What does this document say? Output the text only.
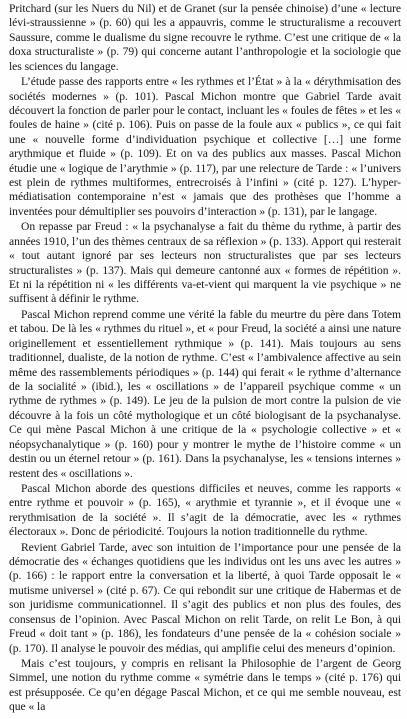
Pritchard (sur les Nuers du Nil) et de Granet (sur la pensée chinoise) d’une « lecture lévi-straussienne » (p. 60) qui les a appauvris, comme le structuralisme a recouvert Saussure, comme le dualisme du signe recouvre le rythme. C’est une critique de « la doxa structuraliste » (p. 79) qui concerne autant l’anthropologie et la sociologie que les sciences du langage.

L’étude passe des rapports entre « les rythmes et l’État » à la « dérythmisation des sociétés modernes » (p. 101). Pascal Michon montre que Gabriel Tarde avait découvert la fonction de parler pour le contact, incluant les « foules de fêtes » et les « foules de haine » (cité p. 106). Puis on passe de la foule aux « publics », ce qui fait une « nouvelle forme d’individuation psychique et collective […] une forme arythmique et fluide » (p. 109). Et on va des publics aux masses. Pascal Michon étudie une « logique de l’arythmie » (p. 117), par une relecture de Tarde : « l’univers est plein de rythmes multiformes, entrecroisés à l’infini » (cité p. 127). L’hyper-médiatisation contemporaine n’est « jamais que des prothèses que l’homme a inventées pour démultiplier ses pouvoirs d’interaction » (p. 131), par le langage.

On repasse par Freud : « la psychanalyse a fait du thème du rythme, à partir des années 1910, l’un des thèmes centraux de sa réflexion » (p. 133). Apport qui resterait « tout autant ignoré par ses lecteurs non structuralistes que par ses lecteurs structuralistes » (p. 137). Mais qui demeure cantonné aux « formes de répétition ». Et ni la répétition ni « les différents va-et-vient qui marquent la vie psychique » ne suffisent à définir le rythme.

Pascal Michon reprend comme une vérité la fable du meurtre du père dans Totem et tabou. De là les « rythmes du rituel », et « pour Freud, la société a ainsi une nature originellement et essentiellement rythmique » (p. 141). Mais toujours au sens traditionnel, dualiste, de la notion de rythme. C’est « l’ambivalence affective au sein même des rassemblements périodiques » (p. 144) qui ferait « le rythme d’alternance de la socialité » (ibid.), les « oscillations » de l’appareil psychique comme « un rythme de rythmes » (p. 149). Le jeu de la pulsion de mort contre la pulsion de vie découvre à la fois un côté mythologique et un côté biologisant de la psychanalyse. Ce qui mène Pascal Michon à une critique de la « psychologie collective » et « néopsychanalytique » (p. 160) pour y montrer le mythe de l’histoire comme « un destin ou un éternel retour » (p. 161). Dans la psychanalyse, les « tensions internes » restent des « oscillations ».

Pascal Michon aborde des questions difficiles et neuves, comme les rapports « entre rythme et pouvoir » (p. 165), « arythmie et tyrannie », et il évoque une « rerythmisation de la société ». Il s’agit de la démocratie, avec les « rythmes électoraux ». Donc de périodicité. Toujours la notion traditionnelle du rythme.

Revient Gabriel Tarde, avec son intuition de l’importance pour une pensée de la démocratie des « échanges quotidiens que les individus ont les uns avec les autres » (p. 166) : le rapport entre la conversation et la liberté, à quoi Tarde opposait le « mutisme universel » (cité p. 67). Ce qui rebondit sur une critique de Habermas et de son juridisme communicationnel. Il s’agit des publics et non plus des foules, des consensus de l’opinion. Avec Pascal Michon on relit Tarde, on relit Le Bon, à qui Freud « doit tant » (p. 186), les fondateurs d’une pensée de la « cohésion sociale » (p. 170). Il analyse le pouvoir des médias, qui amplifie celui des meneurs d’opinion.

Mais c’est toujours, y compris en relisant la Philosophie de l’argent de Georg Simmel, une notion du rythme comme « symétrie dans le temps » (cité p. 176) qui est présupposée. Ce qu’en dégage Pascal Michon, et ce qui me semble nouveau, est que « la
